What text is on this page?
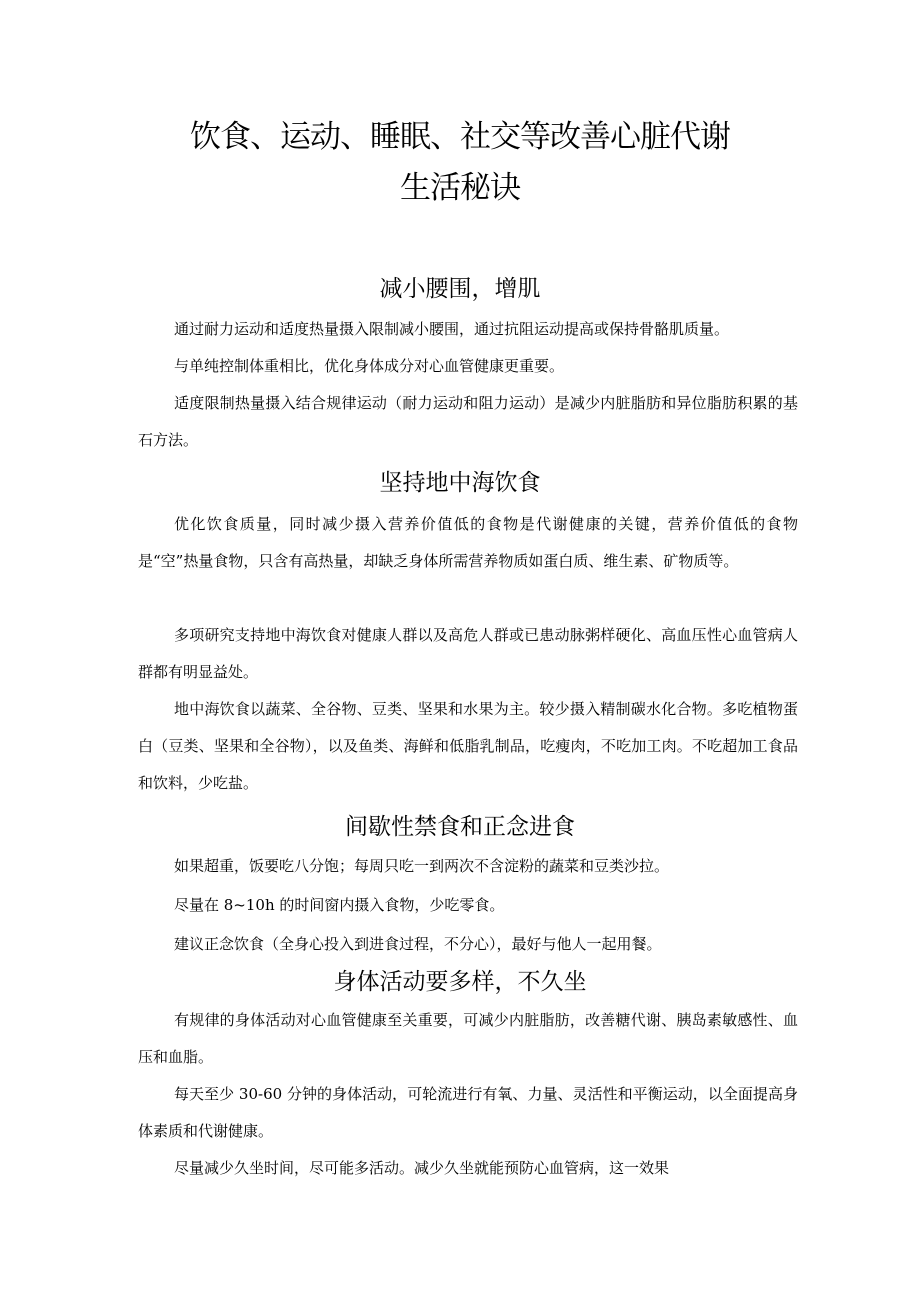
饮食、运动、睡眠、社交等改善心脏代谢
生活秘诀
减小腰围，增肌

通过耐力运动和适度热量摄入限制减小腰围，通过抗阻运动提高或保持骨骼肌质量。

与单纯控制体重相比，优化身体成分对心血管健康更重要。

适度限制热量摄入结合规律运动（耐力运动和阻力运动）是减少内脏脂肪和异位脂肪积累的基石方法。

坚持地中海饮食

优化饮食质量，同时减少摄入营养价值低的食物是代谢健康的关键，营养价值低的食物是“空”热量食物，只含有高热量，却缺乏身体所需营养物质如蛋白质、维生素、矿物质等。

多项研究支持地中海饮食对健康人群以及高危人群或已患动脉粥样硬化、高血压性心血管病人群都有明显益处。

地中海饮食以蔬菜、全谷物、豆类、坚果和水果为主。较少摄入精制碳水化合物。多吃植物蛋白（豆类、坚果和全谷物），以及鱼类、海鲜和低脂乳制品，吃瘦肉，不吃加工肉。不吃超加工食品和饮料，少吃盐。

间歇性禁食和正念进食

如果超重，饭要吃八分饱；每周只吃一到两次不含淀粉的蔬菜和豆类沙拉。

尽量在 8~10h 的时间窗内摄入食物，少吃零食。

建议正念饮食（全身心投入到进食过程，不分心），最好与他人一起用餐。

身体活动要多样，不久坐

有规律的身体活动对心血管健康至关重要，可减少内脏脂肪，改善糖代谢、胰岛素敏感性、血压和血脂。

每天至少 30-60 分钟的身体活动，可轮流进行有氧、力量、灵活性和平衡运动，以全面提高身体素质和代谢健康。

尽量减少久坐时间，尽可能多活动。减少久坐就能预防心血管病，这一效果
